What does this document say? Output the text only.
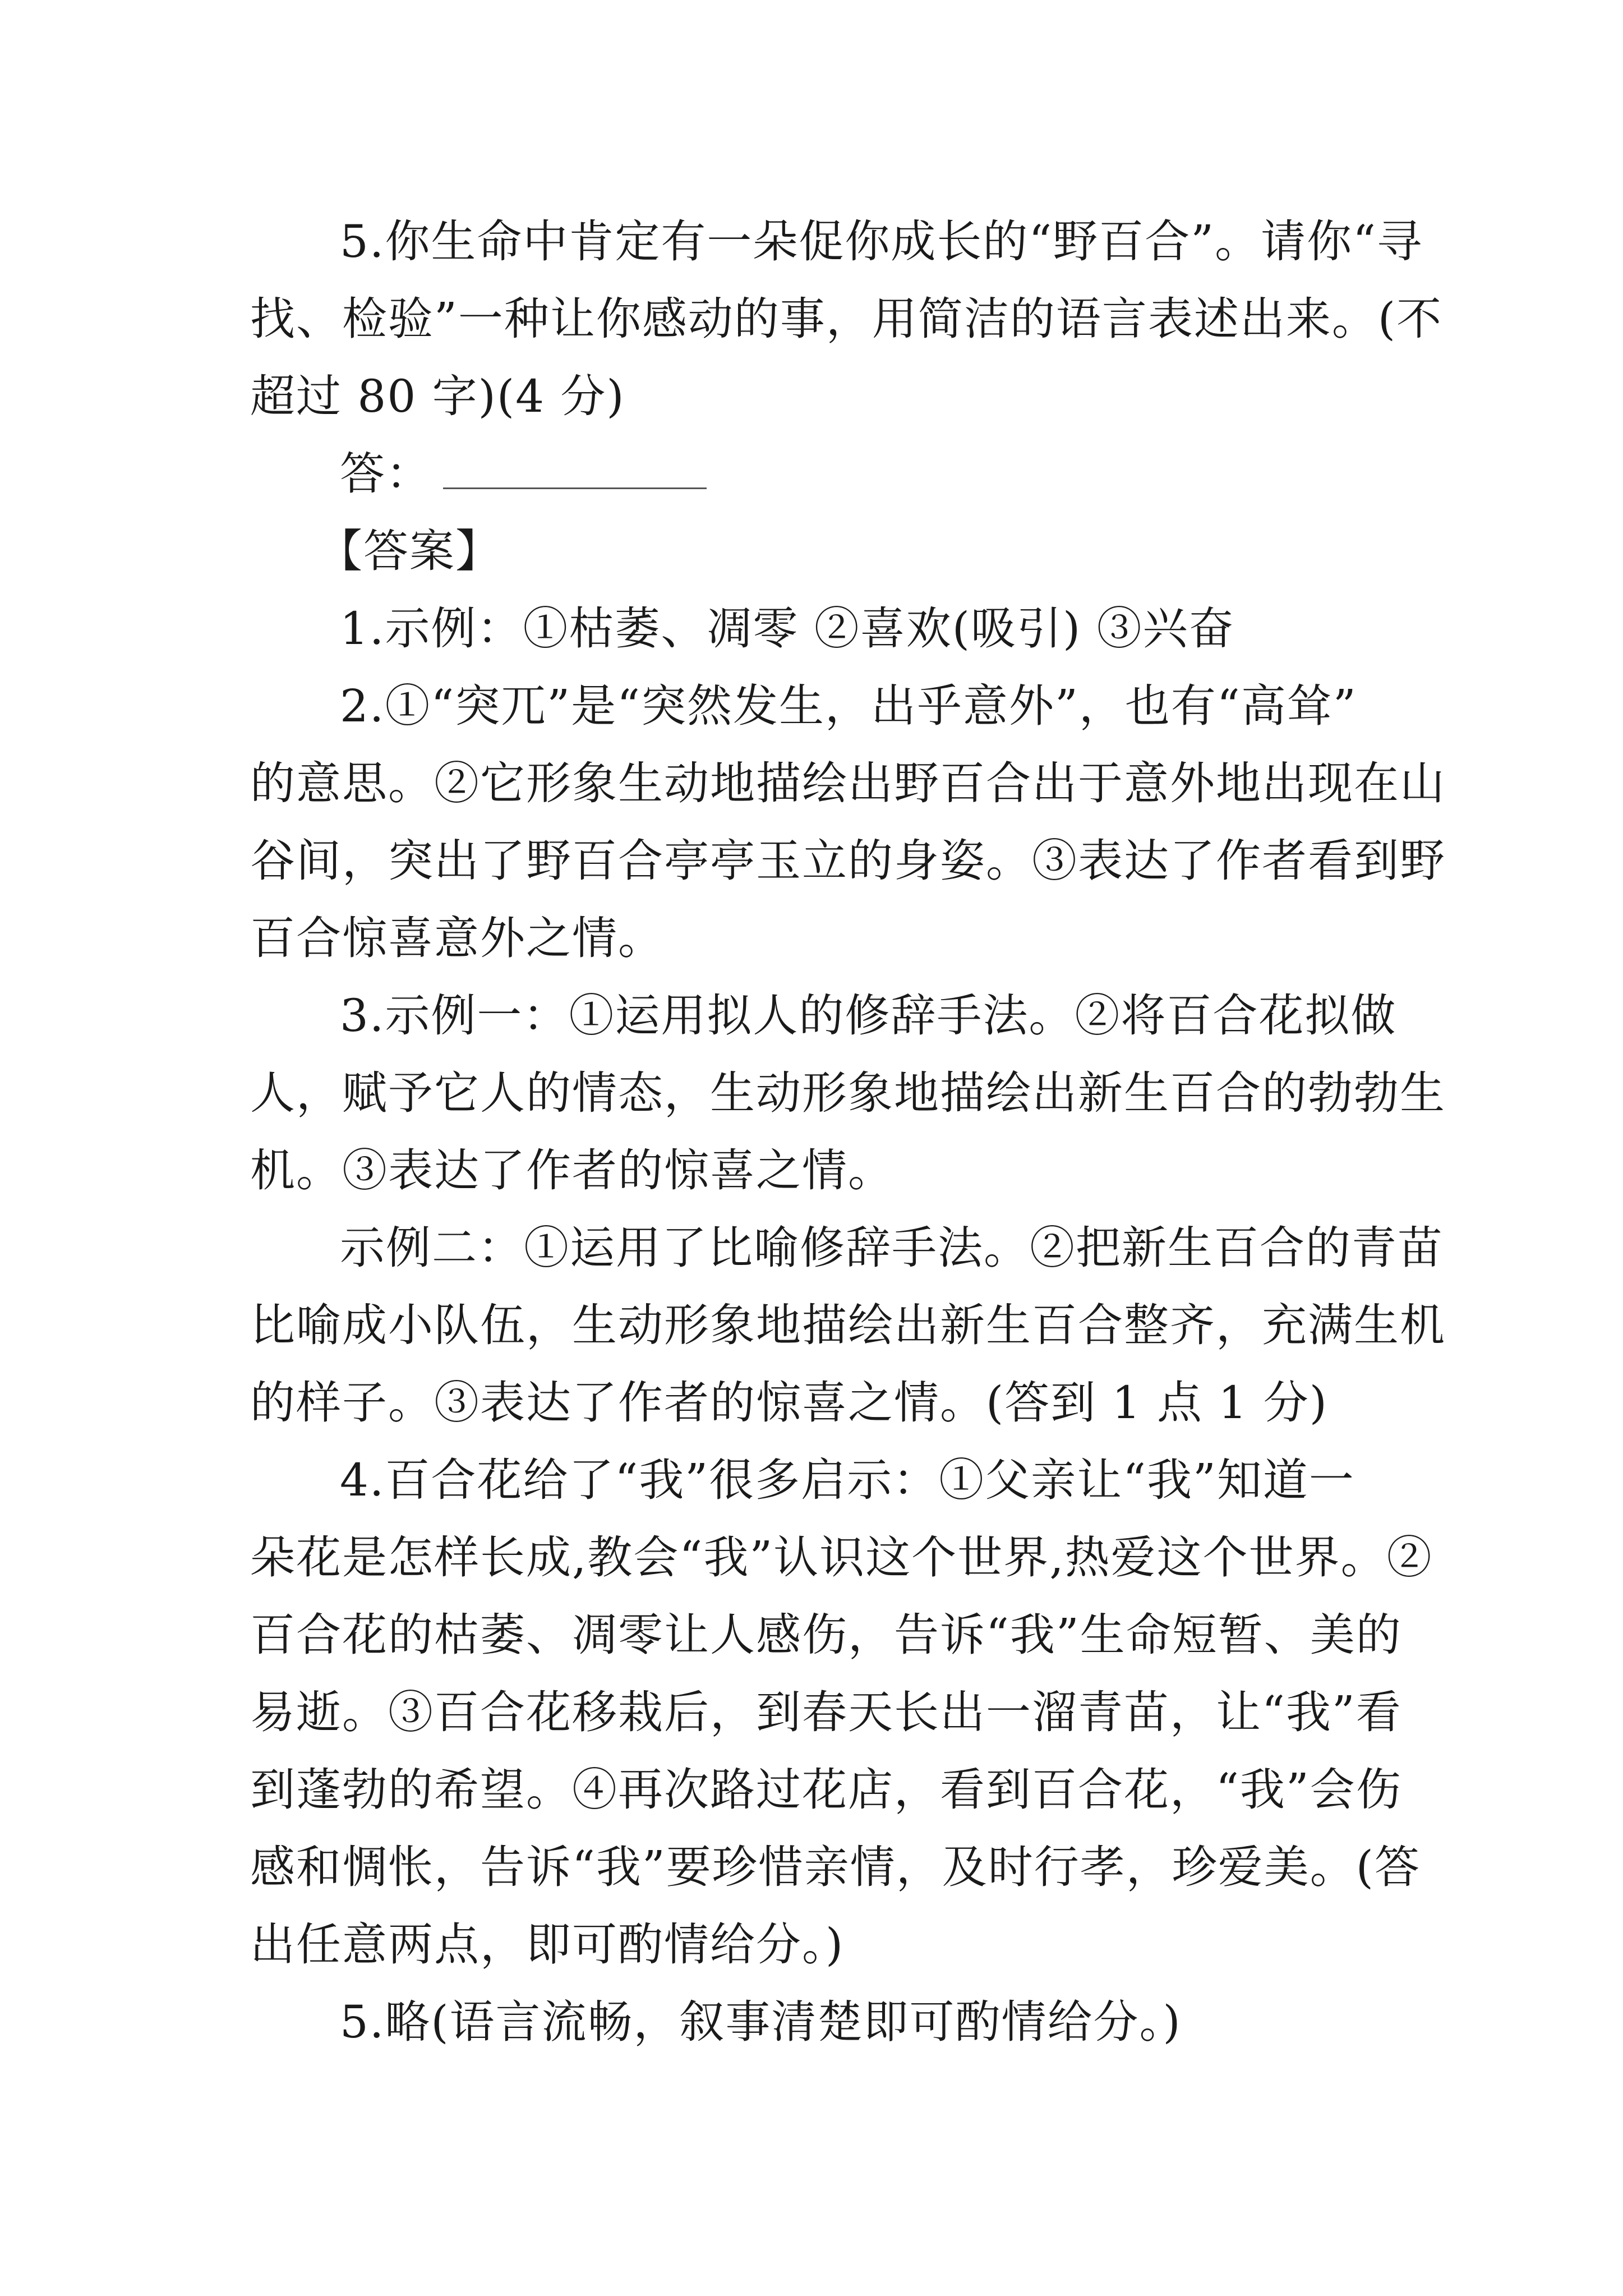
5.你生命中肯定有一朵促你成长的“野百合”。请你“寻
找、检验”一种让你感动的事，用简洁的语言表述出来。(不
超过 80 字)(4 分)
答：
【答案】
1.示例：①枯萎、凋零 ②喜欢(吸引) ③兴奋
2.①“突兀”是“突然发生，出乎意外”，也有“高耸”
的意思。②它形象生动地描绘出野百合出于意外地出现在山
谷间，突出了野百合亭亭玉立的身姿。③表达了作者看到野
百合惊喜意外之情。
3.示例一：①运用拟人的修辞手法。②将百合花拟做
人，赋予它人的情态，生动形象地描绘出新生百合的勃勃生
机。③表达了作者的惊喜之情。
示例二：①运用了比喻修辞手法。②把新生百合的青苗
比喻成小队伍，生动形象地描绘出新生百合整齐，充满生机
的样子。③表达了作者的惊喜之情。(答到 1 点 1 分)
4.百合花给了“我”很多启示：①父亲让“我”知道一
朵花是怎样长成,教会“我”认识这个世界,热爱这个世界。②
百合花的枯萎、凋零让人感伤，告诉“我”生命短暂、美的
易逝。③百合花移栽后，到春天长出一溜青苗，让“我”看
到蓬勃的希望。④再次路过花店，看到百合花，“我”会伤
感和惆怅，告诉“我”要珍惜亲情，及时行孝，珍爱美。(答
出任意两点，即可酌情给分。)
5.略(语言流畅，叙事清楚即可酌情给分。)
